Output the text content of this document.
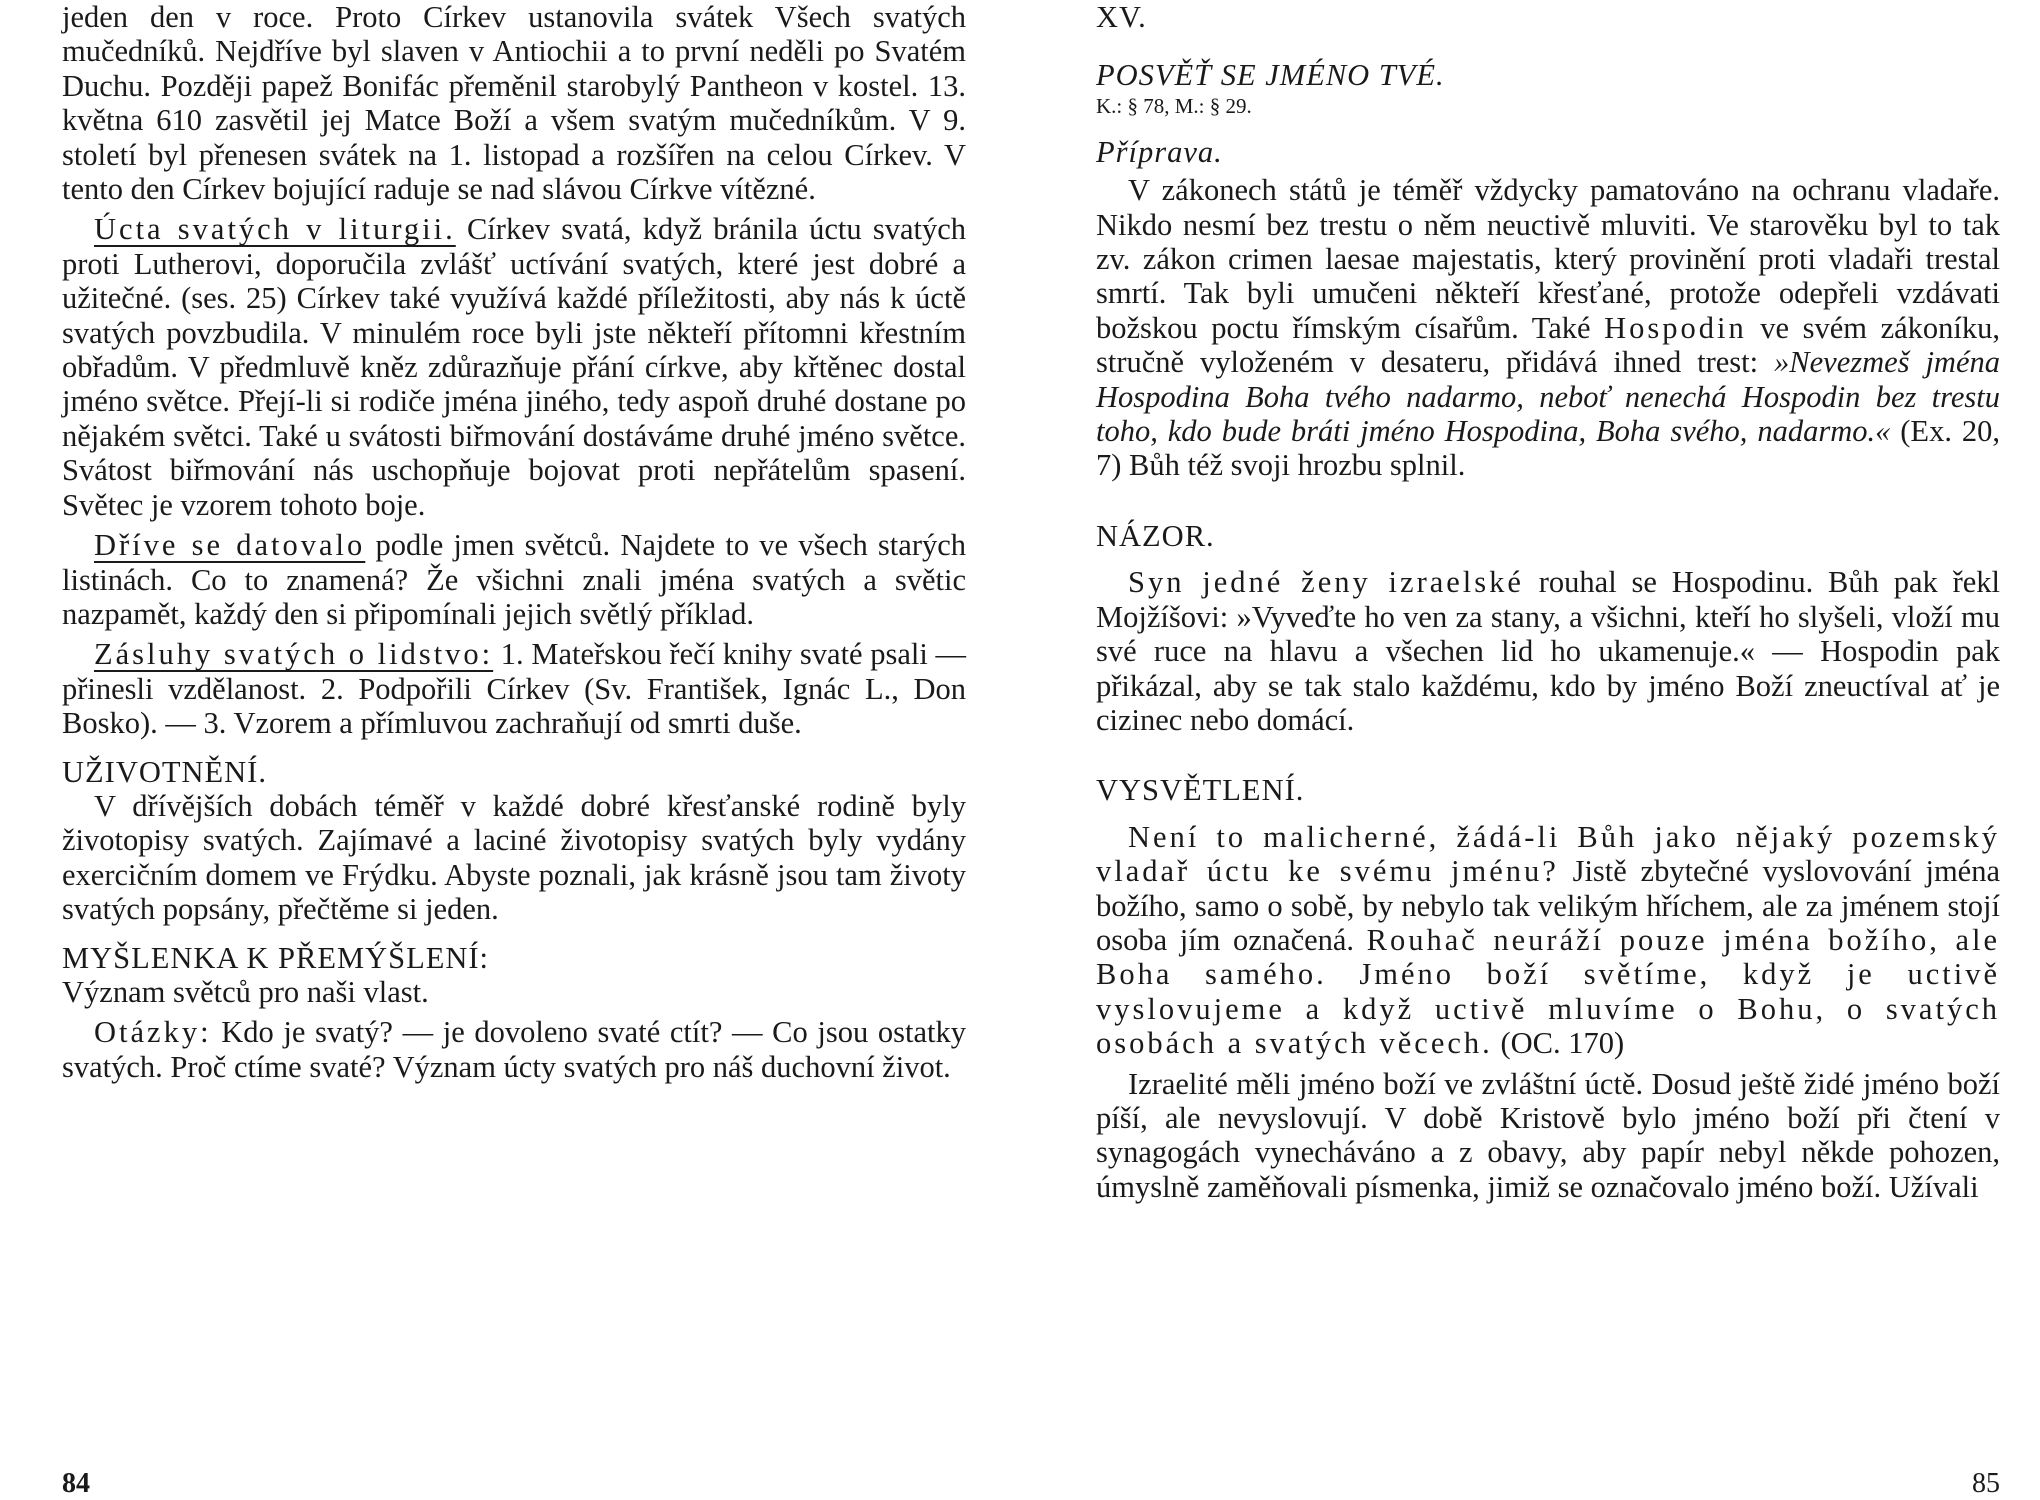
jeden den v roce. Proto Církev ustanovila svátek Všech svatých mučedníků. Nejdříve byl slaven v Antiochii a to první neděli po Svatém Duchu. Později papež Bonifác přeměnil starobylý Pantheon v kostel. 13. května 610 zasvětil jej Matce Boží a všem svatým mučedníkům. V 9. století byl přenesen svátek na 1. listopad a rozšířen na celou Církev. V tento den Církev bojující raduje se nad slávou Církve vítězné.

Úcta svatých v liturgii. Církev svatá, když bránila úctu svatých proti Lutherovi, doporučila zvlášť uctívání svatých, které jest dobré a užitečné. (ses. 25) Církev také využívá každé příležitosti, aby nás k úctě svatých povzbudila. V minulém roce byli jste někteří přítomni křestním obřadům. V předmluvě kněz zdůrazňuje přání církve, aby křtěnec dostal jméno světce. Přejí-li si rodiče jména jiného, tedy aspoň druhé dostane po nějakém světci. Také u svátosti biřmování dostáváme druhé jméno světce. Svátost biřmování nás uschopňuje bojovat proti nepřátelům spasení. Světec je vzorem tohoto boje.

Dříve se datovalo podle jmen světců. Najdete to ve všech starých listinách. Co to znamená? Že všichni znali jména svatých a světic nazpamět, každý den si připomínali jejich světlý příklad.

Zásluhy svatých o lidstvo: 1. Mateřskou řečí knihy svaté psali — přinesli vzdělanost. 2. Podpořili Církev (Sv. František, Ignác L., Don Bosko). — 3. Vzorem a přímluvou zachraňují od smrti duše.

UŽIVOTNĚNÍ.

V dřívějších dobách téměř v každé dobré křesťanské rodině byly životopisy svatých. Zajímavé a laciné životopisy svatých byly vydány exercičním domem ve Frýdku. Abyste poznali, jak krásně jsou tam životy svatých popsány, přečtěme si jeden.

MYŠLENKA K PŘEMÝŠLENÍ:

Význam světců pro naši vlast.

Otázky: Kdo je svatý? — je dovoleno svaté ctít? — Co jsou ostatky svatých. Proč ctíme svaté? Význam úcty svatých pro náš duchovní život.

84

XV.

POSVĚŤ SE JMÉNO TVÉ.

K.: § 78, M.: § 29.

Příprava.

V zákonech států je téměř vždycky pamatováno na ochranu vladaře. Nikdo nesmí bez trestu o něm neuctivě mluviti. Ve starověku byl to tak zv. zákon crimen laesae majestatis, který provinění proti vladaři trestal smrtí. Tak byli umučeni někteří křesťané, protože odepřeli vzdávati božskou poctu římským císařům. Také Hospodin ve svém zákoníku, stručně vyloženém v desateru, přidává ihned trest: »Nevezmeš jména Hospodina Boha tvého nadarmo, neboť nenechá Hospodin bez trestu toho, kdo bude bráti jméno Hospodina, Boha svého, nadarmo.« (Ex. 20, 7) Bůh též svoji hrozbu splnil.

NÁZOR.

Syn jedné ženy izraelské rouhal se Hospodinu. Bůh pak řekl Mojžíšovi: »Vyveďte ho ven za stany, a všichni, kteří ho slyšeli, vloží mu své ruce na hlavu a všechen lid ho ukamenuje.« — Hospodin pak přikázal, aby se tak stalo každému, kdo by jméno Boží zneuctíval ať je cizinec nebo domácí.

VYSVĚTLENÍ.

Není to malicherné, žádá-li Bůh jako nějaký pozemský vladař úctu ke svému jménu? Jistě zbytečné vyslovování jména božího, samo o sobě, by nebylo tak velikým hříchem, ale za jménem stojí osoba jím označená. Rouhač neuráží pouze jména božího, ale Boha samého. Jméno boží světíme, když je uctivě vyslovujeme a když uctivě mluvíme o Bohu, o svatých osobách a svatých věcech. (OC. 170)

Izraelité měli jméno boží ve zvláštní úctě. Dosud ještě židé jméno boží píší, ale nevyslovují. V době Kristově bylo jméno boží při čtení v synagogách vynecháváno a z obavy, aby papír nebyl někde pohozen, úmyslně zaměňovali písmenka, jimiž se označovalo jméno boží. Užívali

85
